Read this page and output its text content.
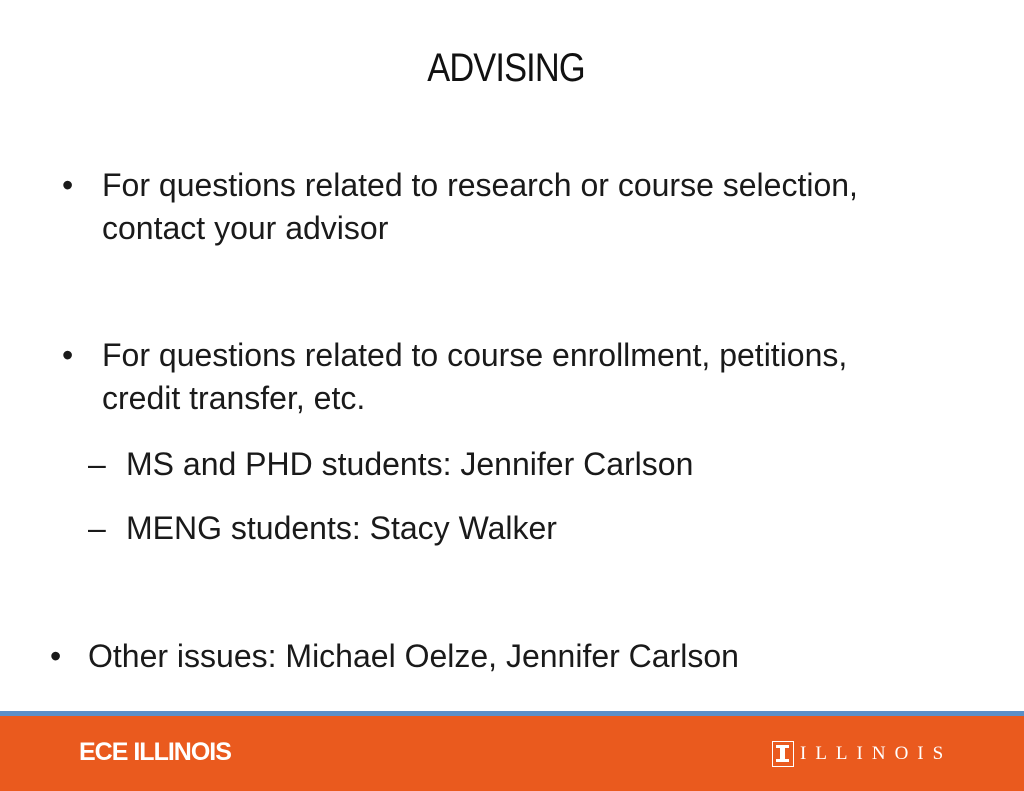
ADVISING
• For questions related to research or course selection,
contact your advisor
• For questions related to course enrollment, petitions,
credit transfer, etc.
– MS and PHD students: Jennifer Carlson
– MENG students: Stacy Walker
• Other issues: Michael Oelze, Jennifer Carlson
ECE ILLINOIS	ILLINOIS
